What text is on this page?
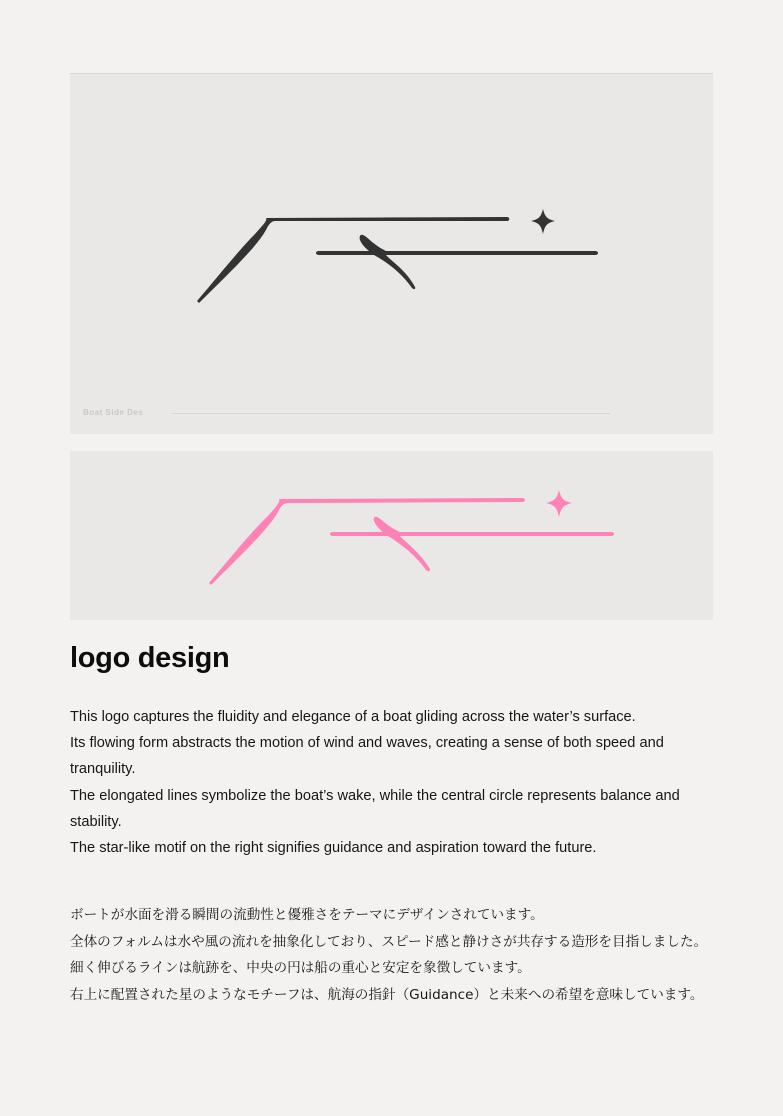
Boat Side Des
logo design

This logo captures the fluidity and elegance of a boat gliding across the water’s surface.

Its flowing form abstracts the motion of wind and waves, creating a sense of both speed and tranquility.

The elongated lines symbolize the boat’s wake, while the central circle represents balance and stability.

The star-like motif on the right signifies guidance and aspiration toward the future.

ボートが水面を滑る瞬間の流動性と優雅さをテーマにデザインされています。

全体のフォルムは水や風の流れを抽象化しており、スピード感と静けさが共存する造形を目指しました。

細く伸びるラインは航跡を、中央の円は船の重心と安定を象徴しています。

右上に配置された星のようなモチーフは、航海の指針（Guidance）と未来への希望を意味しています。
